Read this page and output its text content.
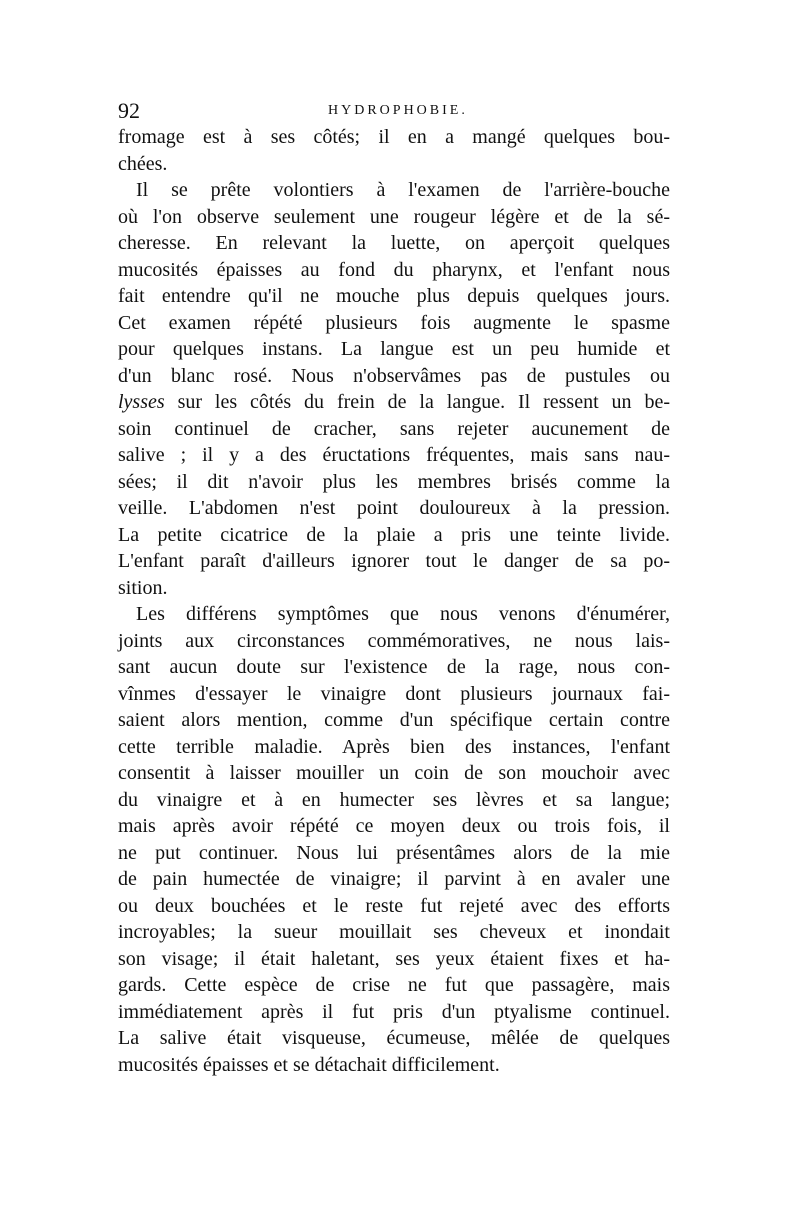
92	HYDROPHOBIE.
fromage est à ses côtés; il en a mangé quelques bou-
chées.
Il se prête volontiers à l'examen de l'arrière-bouche
où l'on observe seulement une rougeur légère et de la sé-
cheresse. En relevant la luette, on aperçoit quelques
mucosités épaisses au fond du pharynx, et l'enfant nous
fait entendre qu'il ne mouche plus depuis quelques jours.
Cet examen répété plusieurs fois augmente le spasme
pour quelques instans. La langue est un peu humide et
d'un blanc rosé. Nous n'observâmes pas de pustules ou
lysses sur les côtés du frein de la langue. Il ressent un be-
soin continuel de cracher, sans rejeter aucunement de
salive ; il y a des éructations fréquentes, mais sans nau-
sées; il dit n'avoir plus les membres brisés comme la
veille. L'abdomen n'est point douloureux à la pression.
La petite cicatrice de la plaie a pris une teinte livide.
L'enfant paraît d'ailleurs ignorer tout le danger de sa po-
sition.
Les différens symptômes que nous venons d'énumérer,
joints aux circonstances commémoratives, ne nous lais-
sant aucun doute sur l'existence de la rage, nous con-
vînmes d'essayer le vinaigre dont plusieurs journaux fai-
saient alors mention, comme d'un spécifique certain contre
cette terrible maladie. Après bien des instances, l'enfant
consentit à laisser mouiller un coin de son mouchoir avec
du vinaigre et à en humecter ses lèvres et sa langue;
mais après avoir répété ce moyen deux ou trois fois, il
ne put continuer. Nous lui présentâmes alors de la mie
de pain humectée de vinaigre; il parvint à en avaler une
ou deux bouchées et le reste fut rejeté avec des efforts
incroyables; la sueur mouillait ses cheveux et inondait
son visage; il était haletant, ses yeux étaient fixes et ha-
gards. Cette espèce de crise ne fut que passagère, mais
immédiatement après il fut pris d'un ptyalisme continuel.
La salive était visqueuse, écumeuse, mêlée de quelques
mucosités épaisses et se détachait difficilement.
